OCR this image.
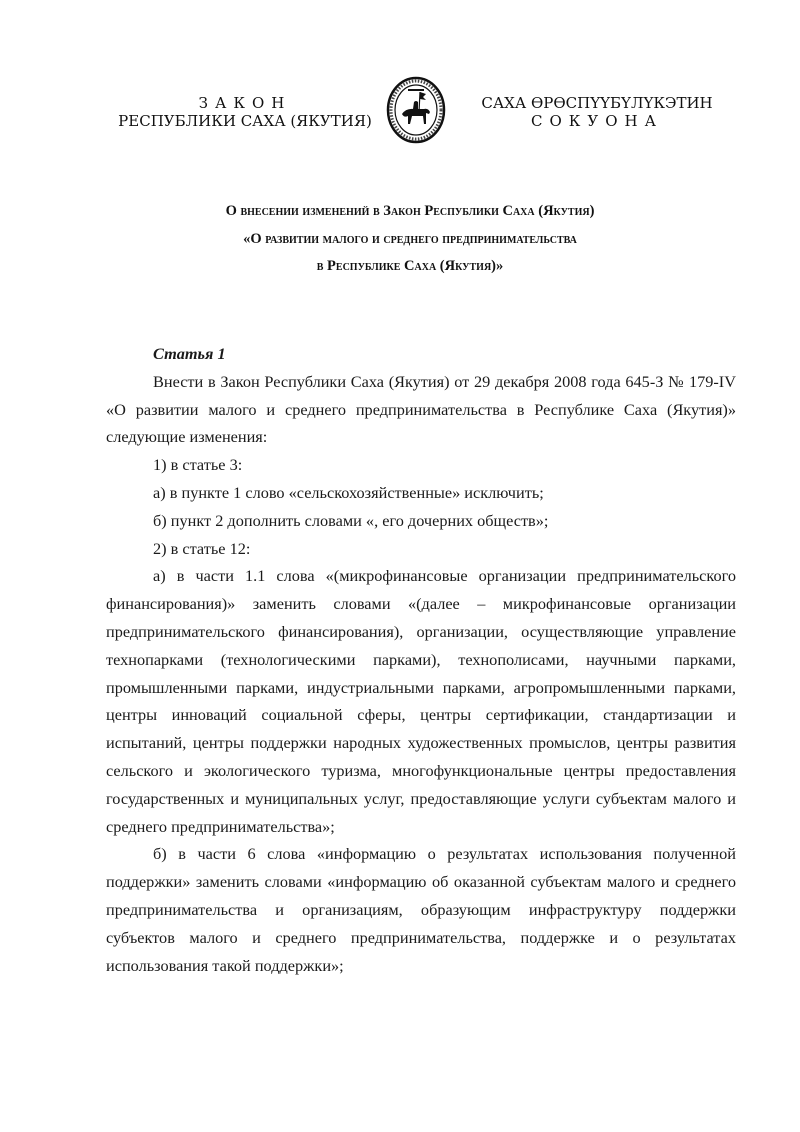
ЗАКОН
РЕСПУБЛИКИ САХА (ЯКУТИЯ)
САХА ӨРӨСПҮҮБҮЛҮКЭТИН
СОКУОНА
О внесении изменений в Закон Республики Саха (Якутия)
«О развитии малого и среднего предпринимательства
в Республике Саха (Якутия)»
Статья 1

Внести в Закон Республики Саха (Якутия) от 29 декабря 2008 года 645-З № 179-IV «О развитии малого и среднего предпринимательства в Республике Саха (Якутия)» следующие изменения:

1) в статье 3:

а) в пункте 1 слово «сельскохозяйственные» исключить;

б) пункт 2 дополнить словами «, его дочерних обществ»;

2) в статье 12:

а) в части 1.1 слова «(микрофинансовые организации предпринимательского финансирования)» заменить словами «(далее – микрофинансовые организации предпринимательского финансирования), организации, осуществляющие управление технопарками (технологическими парками), технополисами, научными парками, промышленными парками, индустриальными парками, агропромышленными парками, центры инноваций социальной сферы, центры сертификации, стандартизации и испытаний, центры поддержки народных художественных промыслов, центры развития сельского и экологического туризма, многофункциональные центры предоставления государственных и муниципальных услуг, предоставляющие услуги субъектам малого и среднего предпринимательства»;

б) в части 6 слова «информацию о результатах использования полученной поддержки» заменить словами «информацию об оказанной субъектам малого и среднего предпринимательства и организациям, образующим инфраструктуру поддержки субъектов малого и среднего предпринимательства, поддержке и о результатах использования такой поддержки»;
